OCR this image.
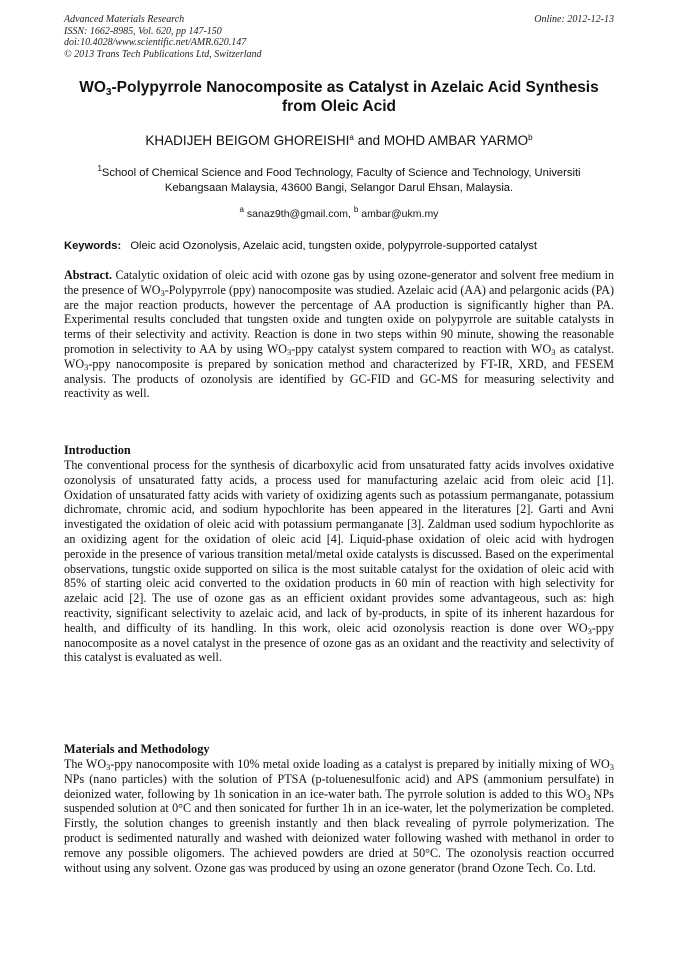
Advanced Materials Research
ISSN: 1662-8985, Vol. 620, pp 147-150
doi:10.4028/www.scientific.net/AMR.620.147
© 2013 Trans Tech Publications Ltd, Switzerland
Online: 2012-12-13
$WO_3$-Polypyrrole Nanocomposite as Catalyst in Azelaic Acid Synthesis
from Oleic Acid
KHADIJEH BEIGOM GHOREISHI$^a$ and MOHD AMBAR YARMO$^b$
$^1$School of Chemical Science and Food Technology, Faculty of Science and Technology, Universiti
Kebangsaan Malaysia, 43600 Bangi, Selangor Darul Ehsan, Malaysia.
$^a$ sanaz9th@gmail.com, $^b$ ambar@ukm.my
Keywords: Oleic acid Ozonolysis, Azelaic acid, tungsten oxide, polypyrrole-supported catalyst
Abstract. Catalytic oxidation of oleic acid with ozone gas by using ozone-generator and solvent free medium in the presence of $WO_3$-Polypyrrole (ppy) nanocomposite was studied. Azelaic acid (AA) and pelargonic acids (PA) are the major reaction products, however the percentage of AA production is significantly higher than PA. Experimental results concluded that tungsten oxide and tungten oxide on polypyrrole are suitable catalysts in terms of their selectivity and activity. Reaction is done in two steps within 90 minute, showing the reasonable promotion in selectivity to AA by using $WO_3$-ppy catalyst system compared to reaction with $WO_3$ as catalyst. $WO_3$-ppy nanocomposite is prepared by sonication method and characterized by FT-IR, XRD, and FESEM analysis. The products of ozonolysis are identified by GC-FID and GC-MS for measuring selectivity and reactivity as well.
Introduction
The conventional process for the synthesis of dicarboxylic acid from unsaturated fatty acids involves oxidative ozonolysis of unsaturated fatty acids, a process used for manufacturing azelaic acid from oleic acid [1]. Oxidation of unsaturated fatty acids with variety of oxidizing agents such as potassium permanganate, potassium dichromate, chromic acid, and sodium hypochlorite has been appeared in the literatures [2]. Garti and Avni investigated the oxidation of oleic acid with potassium permanganate [3]. Zaldman used sodium hypochlorite as an oxidizing agent for the oxidation of oleic acid [4]. Liquid-phase oxidation of oleic acid with hydrogen peroxide in the presence of various transition metal/metal oxide catalysts is discussed. Based on the experimental observations, tungstic oxide supported on silica is the most suitable catalyst for the oxidation of oleic acid with 85% of starting oleic acid converted to the oxidation products in 60 min of reaction with high selectivity for azelaic acid [2]. The use of ozone gas as an efficient oxidant provides some advantageous, such as: high reactivity, significant selectivity to azelaic acid, and lack of by-products, in spite of its inherent hazardous for health, and difficulty of its handling. In this work, oleic acid ozonolysis reaction is done over $WO_3$-ppy nanocomposite as a novel catalyst in the presence of ozone gas as an oxidant and the reactivity and selectivity of this catalyst is evaluated as well.
Materials and Methodology
The $WO_3$-ppy nanocomposite with 10% metal oxide loading as a catalyst is prepared by initially mixing of $WO_3$ NPs (nano particles) with the solution of PTSA (p-toluenesulfonic acid) and APS (ammonium persulfate) in deionized water, following by 1h sonication in an ice-water bath. The pyrrole solution is added to this $WO_3$ NPs suspended solution at 0°C and then sonicated for further 1h in an ice-water, let the polymerization be completed. Firstly, the solution changes to greenish instantly and then black revealing of pyrrole polymerization. The product is sedimented naturally and washed with deionized water following washed with methanol in order to remove any possible oligomers. The achieved powders are dried at 50°C. The ozonolysis reaction occurred without using any solvent. Ozone gas was produced by using an ozone generator (brand Ozone Tech. Co. Ltd.
